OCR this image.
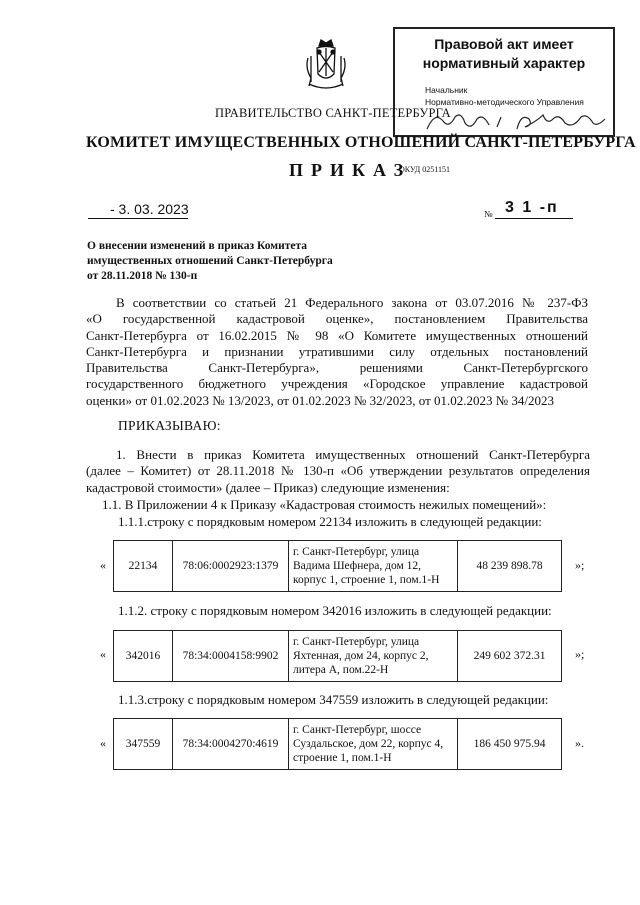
Правовой акт имеет
нормативный характер
Начальник
Нормативно-методического Управления
ПРАВИТЕЛЬСТВО САНКТ-ПЕТЕРБУРГА
КОМИТЕТ ИМУЩЕСТВЕННЫХ ОТНОШЕНИЙ САНКТ-ПЕТЕРБУРГА
ПРИКАЗ
ОКУД 0251151
- 3. 03. 2023	№ 3 1 -п
О внесении изменений в приказ Комитета
имущественных отношений Санкт-Петербурга
от 28.11.2018 № 130-п
В соответствии со статьей 21 Федерального закона от 03.07.2016 № 237-ФЗ
«О государственной кадастровой оценке», постановлением Правительства
Санкт-Петербурга от 16.02.2015 № 98 «О Комитете имущественных отношений
Санкт-Петербурга и признании утратившими силу отдельных постановлений
Правительства Санкт-Петербурга», решениями Санкт-Петербургского
государственного бюджетного учреждения «Городское управление кадастровой
оценки» от 01.02.2023 № 13/2023, от 01.02.2023 № 32/2023, от 01.02.2023 № 34/2023
ПРИКАЗЫВАЮ:
1. Внести в приказ Комитета имущественных отношений Санкт-Петербурга
(далее – Комитет) от 28.11.2018 № 130-п «Об утверждении результатов определения
кадастровой стоимости» (далее – Приказ) следующие изменения:
1.1. В Приложении 4 к Приказу «Кадастровая стоимость нежилых помещений»:
1.1.1.строку с порядковым номером 22134 изложить в следующей редакции:
« 22134	78:06:0002923:1379	
г. Санкт-Петербург, улица
Вадима Шефнера, дом 12,
корпус 1, строение 1, пом.1-Н
	48 239 898.78	»;
1.1.2. строку с порядковым номером 342016 изложить в следующей редакции:
« 342016	78:34:0004158:9902	
г. Санкт-Петербург, улица
Яхтенная, дом 24, корпус 2,
литера А, пом.22-Н
	249 602 372.31 »;
1.1.3.строку с порядковым номером 347559 изложить в следующей редакции:
« 347559	78:34:0004270:4619	
г. Санкт-Петербург, шоссе
Суздальское, дом 22, корпус 4,
строение 1, пом.1-Н
	186 450 975.94 ».
